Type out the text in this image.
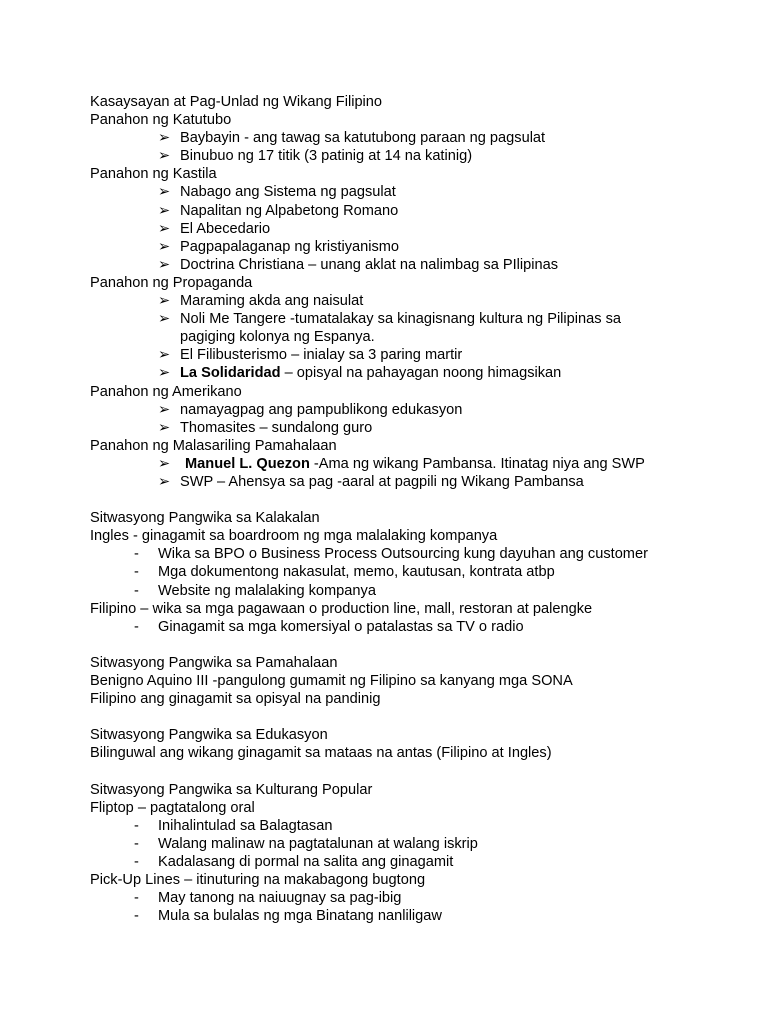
Kasaysayan at Pag-Unlad ng Wikang Filipino
Panahon ng Katutubo
➢ Baybayin - ang tawag sa katutubong paraan ng pagsulat
➢ Binubuo ng 17 titik (3 patinig at 14 na katinig)
Panahon ng Kastila
➢ Nabago ang Sistema ng pagsulat
➢ Napalitan ng Alpabetong Romano
➢ El Abecedario
➢ Pagpapalaganap ng kristiyanismo
➢ Doctrina Christiana – unang aklat na nalimbag sa PIlipinas
Panahon ng Propaganda
➢ Maraming akda ang naisulat
➢ Noli Me Tangere -tumatalakay sa kinagisnang kultura ng Pilipinas sa pagiging kolonya ng Espanya.
➢ El Filibusterismo – inialay sa 3 paring martir
➢ La Solidaridad – opisyal na pahayagan noong himagsikan
Panahon ng Amerikano
➢ namayagpag ang pampublikong edukasyon
➢ Thomasites – sundalong guro
Panahon ng Malasariling Pamahalaan
➢	Manuel L. Quezon -Ama ng wikang Pambansa. Itinatag niya ang SWP
➢ SWP – Ahensya sa pag -aaral at pagpili ng Wikang Pambansa
Sitwasyong Pangwika sa Kalakalan
Ingles - ginagamit sa boardroom ng mga malalaking kompanya
- Wika sa BPO o Business Process Outsourcing kung dayuhan ang customer
- Mga dokumentong nakasulat, memo, kautusan, kontrata atbp
- Website ng malalaking kompanya
Filipino – wika sa mga pagawaan o production line, mall, restoran at palengke
- Ginagamit sa mga komersiyal o patalastas sa TV o radio
Sitwasyong Pangwika sa Pamahalaan
Benigno Aquino III -pangulong gumamit ng Filipino sa kanyang mga SONA
Filipino ang ginagamit sa opisyal na pandinig
Sitwasyong Pangwika sa Edukasyon
Bilinguwal ang wikang ginagamit sa mataas na antas (Filipino at Ingles)
Sitwasyong Pangwika sa Kulturang Popular
Fliptop – pagtatalong oral
- Inihalintulad sa Balagtasan
- Walang malinaw na pagtatalunan at walang iskrip
- Kadalasang di pormal na salita ang ginagamit
Pick-Up Lines – itinuturing na makabagong bugtong
- May tanong na naiuugnay sa pag-ibig
- Mula sa bulalas ng mga Binatang nanliligaw
